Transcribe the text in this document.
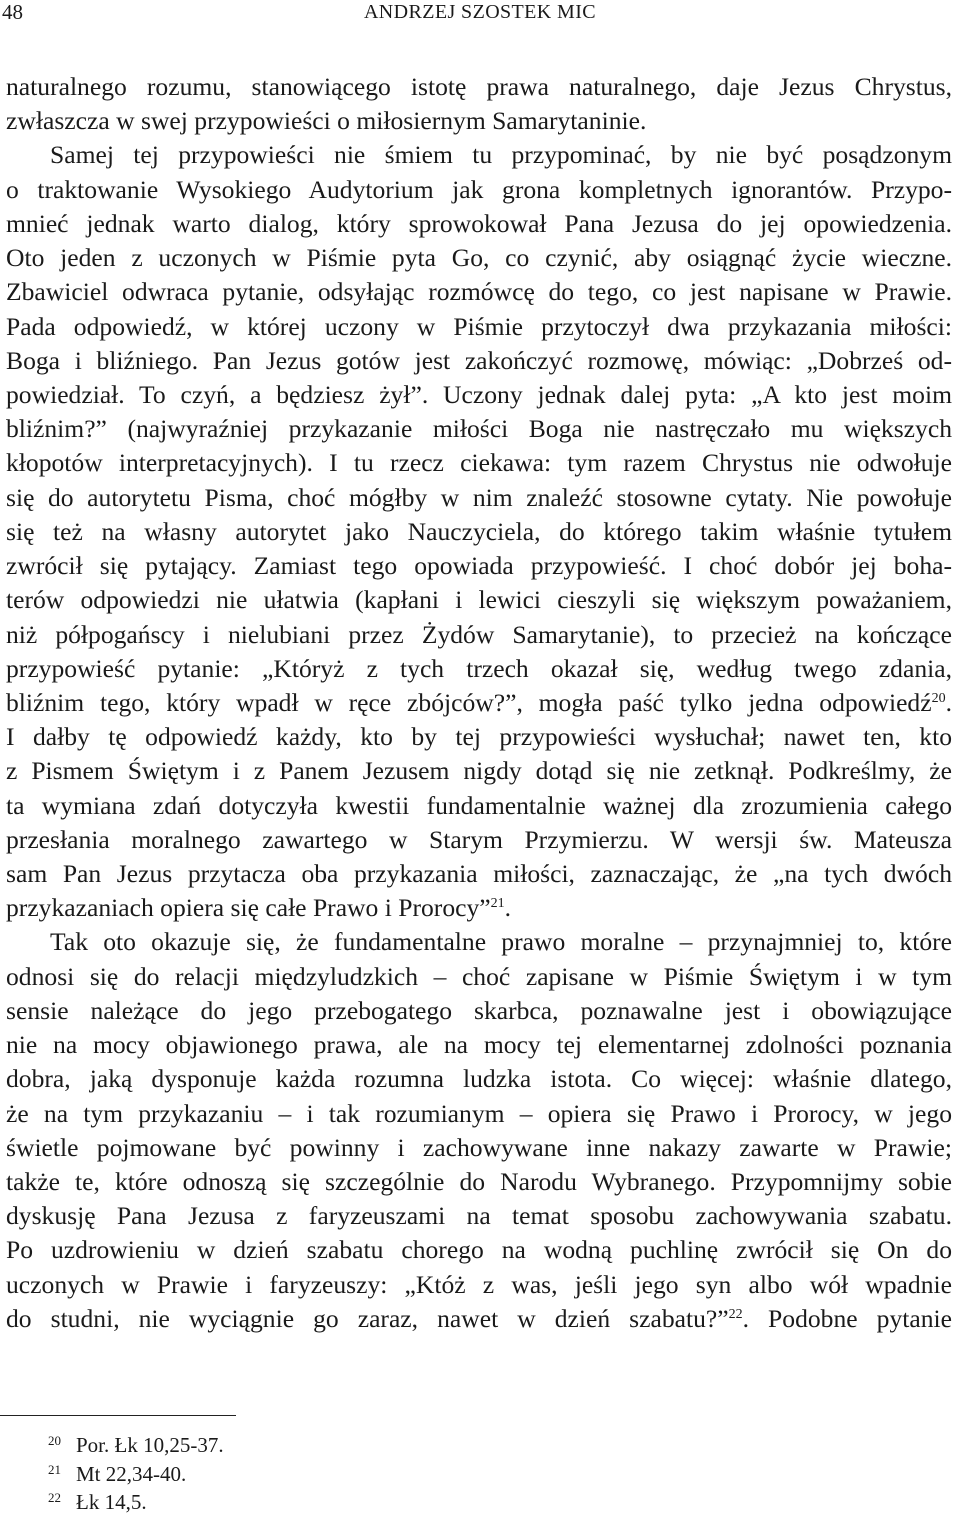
48	ANDRZEJ SZOSTEK MIC
naturalnego rozumu, stanowiącego istotę prawa naturalnego, daje Jezus Chrystus,
zwłaszcza w swej przypowieści o miłosiernym Samarytaninie.
Samej tej przypowieści nie śmiem tu przypominać, by nie być posądzonym
o traktowanie Wysokiego Audytorium jak grona kompletnych ignorantów. Przypo-
mnieć jednak warto dialog, który sprowokował Pana Jezusa do jej opowiedzenia.
Oto jeden z uczonych w Piśmie pyta Go, co czynić, aby osiągnąć życie wieczne.
Zbawiciel odwraca pytanie, odsyłając rozmówcę do tego, co jest napisane w Prawie.
Pada odpowiedź, w której uczony w Piśmie przytoczył dwa przykazania miłości:
Boga i bliźniego. Pan Jezus gotów jest zakończyć rozmowę, mówiąc: „Dobrześ od-
powiedział. To czyń, a będziesz żył”. Uczony jednak dalej pyta: „A kto jest moim
bliźnim?” (najwyraźniej przykazanie miłości Boga nie nastręczało mu większych
kłopotów interpretacyjnych). I tu rzecz ciekawa: tym razem Chrystus nie odwołuje
się do autorytetu Pisma, choć mógłby w nim znaleźć stosowne cytaty. Nie powołuje
się też na własny autorytet jako Nauczyciela, do którego takim właśnie tytułem
zwrócił się pytający. Zamiast tego opowiada przypowieść. I choć dobór jej boha-
terów odpowiedzi nie ułatwia (kapłani i lewici cieszyli się większym poważaniem,
niż półpogańscy i nielubiani przez Żydów Samarytanie), to przecież na kończące
przypowieść pytanie: „Któryż z tych trzech okazał się, według twego zdania,
bliźnim tego, który wpadł w ręce zbójców?”, mogła paść tylko jedna odpowiedź$^{20}$.
I dałby tę odpowiedź każdy, kto by tej przypowieści wysłuchał; nawet ten, kto
z Pismem Świętym i z Panem Jezusem nigdy dotąd się nie zetknął. Podkreślmy, że
ta wymiana zdań dotyczyła kwestii fundamentalnie ważnej dla zrozumienia całego
przesłania moralnego zawartego w Starym Przymierzu. W wersji św. Mateusza
sam Pan Jezus przytacza oba przykazania miłości, zaznaczając, że „na tych dwóch
przykazaniach opiera się całe Prawo i Prorocy”$^{21}$.
Tak oto okazuje się, że fundamentalne prawo moralne – przynajmniej to, które
odnosi się do relacji międzyludzkich – choć zapisane w Piśmie Świętym i w tym
sensie należące do jego przebogatego skarbca, poznawalne jest i obowiązujące
nie na mocy objawionego prawa, ale na mocy tej elementarnej zdolności poznania
dobra, jaką dysponuje każda rozumna ludzka istota. Co więcej: właśnie dlatego,
że na tym przykazaniu – i tak rozumianym – opiera się Prawo i Prorocy, w jego
świetle pojmowane być powinny i zachowywane inne nakazy zawarte w Prawie;
także te, które odnoszą się szczególnie do Narodu Wybranego. Przypomnijmy sobie
dyskusję Pana Jezusa z faryzeuszami na temat sposobu zachowywania szabatu.
Po uzdrowieniu w dzień szabatu chorego na wodną puchlinę zwrócił się On do
uczonych w Prawie i faryzeuszy: „Któż z was, jeśli jego syn albo wół wpadnie
do studni, nie wyciągnie go zaraz, nawet w dzień szabatu?”$^{22}$. Podobne pytanie
20 Por. Łk 10,25-37.
21 Mt 22,34-40.
22 Łk 14,5.
